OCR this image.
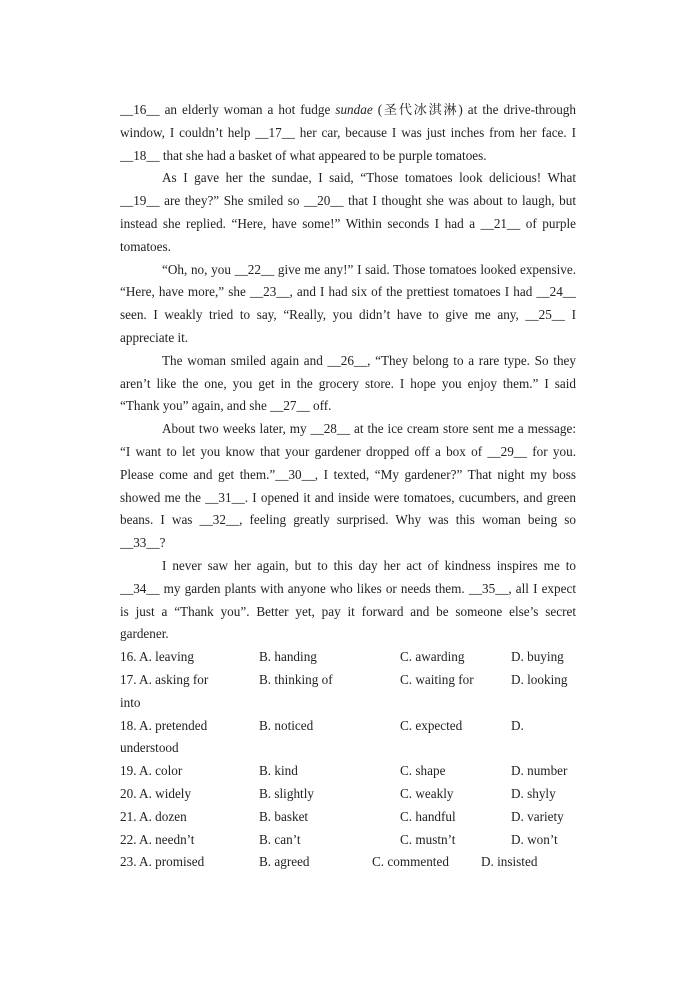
__16__ an elderly woman a hot fudge sundae (圣代冰淇淋) at the drive-through window, I couldn’t help __17__ her car, because I was just inches from her face. I __18__ that she had a basket of what appeared to be purple tomatoes.

As I gave her the sundae, I said, “Those tomatoes look delicious! What __19__ are they?” She smiled so __20__ that I thought she was about to laugh, but instead she replied. “Here, have some!” Within seconds I had a __21__ of purple tomatoes.

“Oh, no, you __22__ give me any!” I said. Those tomatoes looked expensive. “Here, have more,” she __23__, and I had six of the prettiest tomatoes I had __24__ seen. I weakly tried to say, “Really, you didn’t have to give me any, __25__ I appreciate it.

The woman smiled again and __26__, “They belong to a rare type. So they aren’t like the one, you get in the grocery store. I hope you enjoy them.” I said “Thank you” again, and she __27__ off.

About two weeks later, my __28__ at the ice cream store sent me a message: “I want to let you know that your gardener dropped off a box of __29__ for you. Please come and get them.”__30__, I texted, “My gardener?” That night my boss showed me the __31__. I opened it and inside were tomatoes, cucumbers, and green beans. I was __32__, feeling greatly surprised. Why was this woman being so __33__?

I never saw her again, but to this day her act of kindness inspires me to __34__ my garden plants with anyone who likes or needs them. __35__, all I expect is just a “Thank you”. Better yet, pay it forward and be someone else’s secret gardener.

16. A. leaving	B. handing	C. awarding	D. buying
17. A. asking for	B. thinking of	C. waiting for	D. looking
into
18. A. pretended	B. noticed	C. expected	D.
understood
19. A. color	B. kind	C. shape	D. number
20. A. widely	B. slightly	C. weakly	D. shyly
21. A. dozen	B. basket	C. handful	D. variety
22. A. needn’t	B. can’t	C. mustn’t	D. won’t
23. A. promised	B. agreed	C. commented D. insisted
